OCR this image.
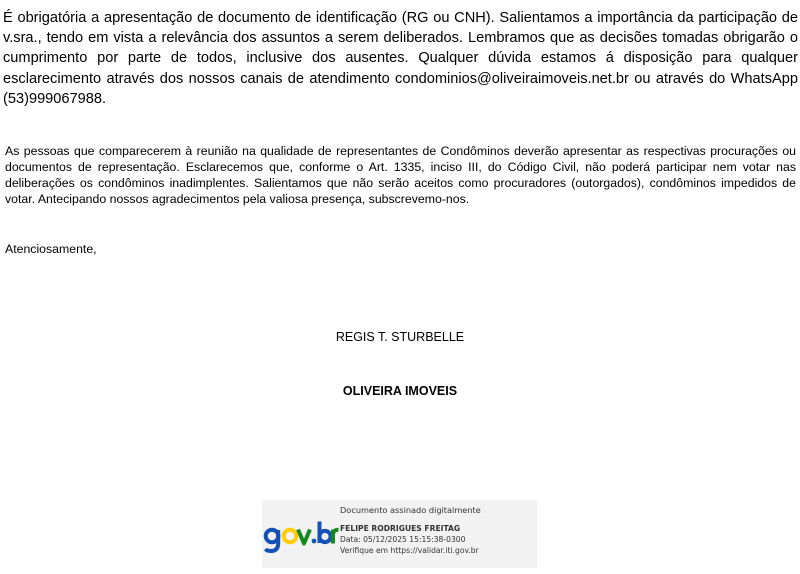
É obrigatória a apresentação de documento de identificação (RG ou CNH). Salientamos a importância da participação de v.sra., tendo em vista a relevância dos assuntos a serem deliberados. Lembramos que as decisões tomadas obrigarão o cumprimento por parte de todos, inclusive dos ausentes. Qualquer dúvida estamos á disposição para qualquer esclarecimento através dos nossos canais de atendimento condominios@oliveiraimoveis.net.br ou através do WhatsApp (53)999067988.

As pessoas que comparecerem à reunião na qualidade de representantes de Condôminos deverão apresentar as respectivas procurações ou documentos de representação. Esclarecemos que, conforme o Art. 1335, inciso III, do Código Civil, não poderá participar nem votar nas deliberações os condôminos inadimplentes. Salientamos que não serão aceitos como procuradores (outorgados), condôminos impedidos de votar. Antecipando nossos agradecimentos pela valiosa presença, subscrevemo-nos.

Atenciosamente,

REGIS T. STURBELLE

OLIVEIRA IMOVEIS

Documento assinado digitalmente
FELIPE RODRIGUES FREITAG
Data: 05/12/2025 15:15:38-0300
Verifique em https://validar.iti.gov.br
